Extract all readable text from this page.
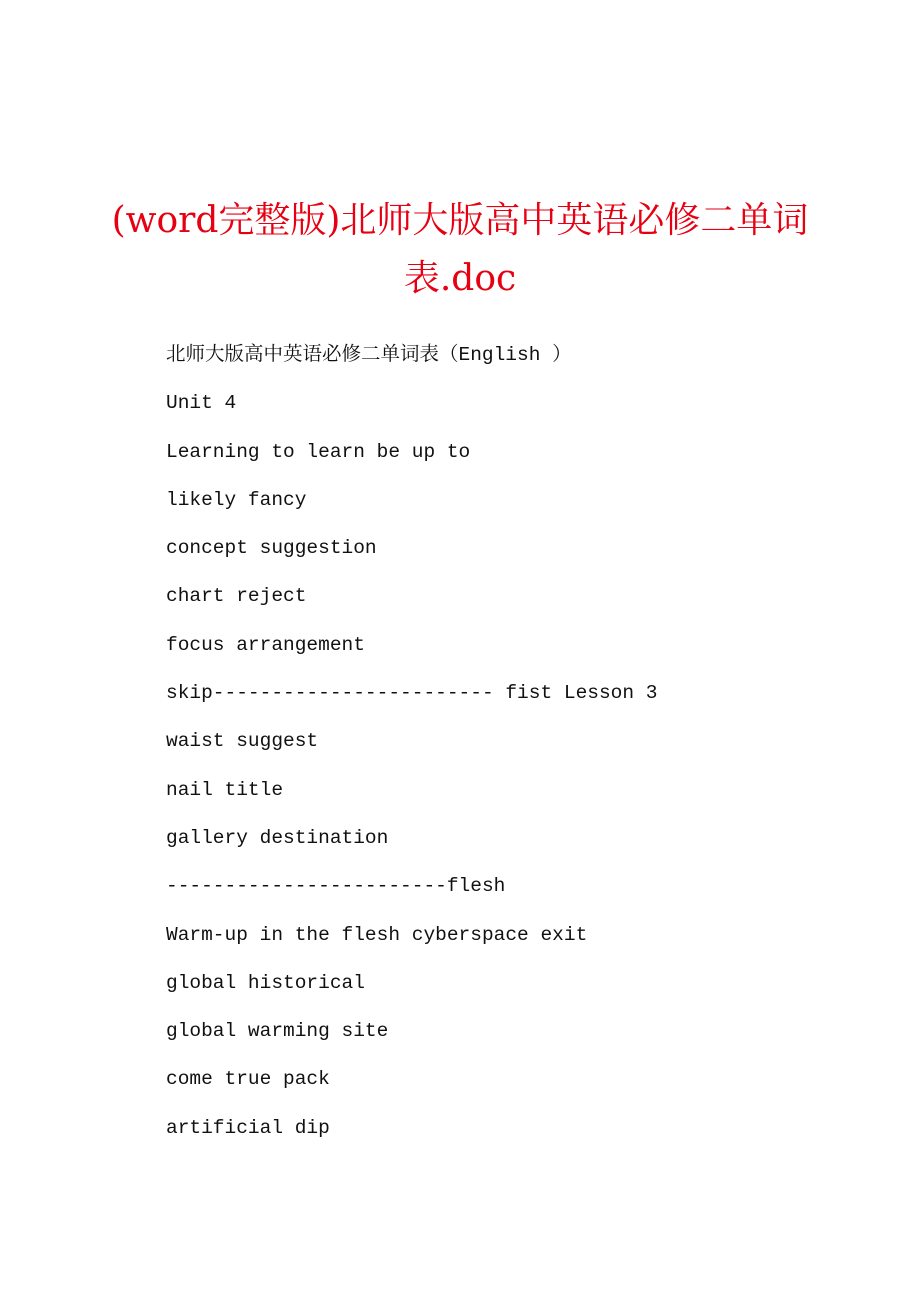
(word完整版)北师大版高中英语必修二单词表.doc
北师大版高中英语必修二单词表（English ）
Unit 4
Learning to learn be up to
likely fancy
concept suggestion
chart reject
focus arrangement
skip------------------------ fist Lesson 3
waist suggest
nail title
gallery destination
------------------------flesh
Warm-up in the flesh cyberspace exit
global historical
global warming site
come true pack
artificial dip
